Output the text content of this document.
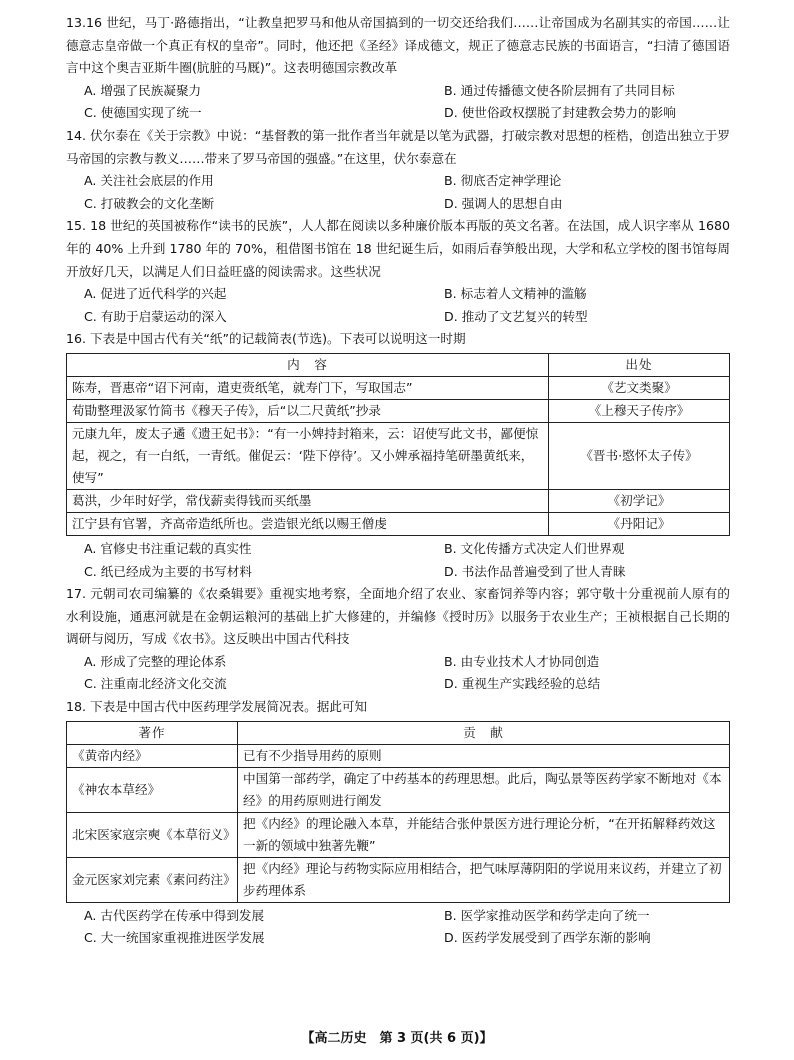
13.16 世纪，马丁·路德指出，“让教皇把罗马和他从帝国搞到的一切交还给我们……让帝国成为名副其实的帝国……让德意志皇帝做一个真正有权的皇帝”。同时，他还把《圣经》译成德文，规正了德意志民族的书面语言，“扫清了德国语言中这个奥吉亚斯牛圈(肮脏的马厩)”。这表明德国宗教改革

A. 增强了民族凝聚力	B. 通过传播德文使各阶层拥有了共同目标
C. 使德国实现了统一	D. 使世俗政权摆脱了封建教会势力的影响

14. 伏尔泰在《关于宗教》中说：“基督教的第一批作者当年就是以笔为武器，打破宗教对思想的桎梏，创造出独立于罗马帝国的宗教与教义……带来了罗马帝国的强盛。”在这里，伏尔泰意在

A. 关注社会底层的作用	B. 彻底否定神学理论
C. 打破教会的文化垄断	D. 强调人的思想自由

15. 18 世纪的英国被称作“读书的民族”，人人都在阅读以多种廉价版本再版的英文名著。在法国，成人识字率从 1680 年的 40% 上升到 1780 年的 70%，租借图书馆在 18 世纪诞生后，如雨后春笋般出现，大学和私立学校的图书馆每周开放好几天，以满足人们日益旺盛的阅读需求。这些状况

A. 促进了近代科学的兴起	B. 标志着人文精神的滥觞
C. 有助于启蒙运动的深入	D. 推动了文艺复兴的转型

16. 下表是中国古代有关“纸”的记载简表(节选)。下表可以说明这一时期

内　容	出处
陈寿，晋惠帝“诏下河南，遣吏赍纸笔，就寿门下，写取国志”	《艺文类聚》
荀勖整理汲冢竹简书《穆天子传》，后“以二尺黄纸”抄录	《上穆天子传序》
元康九年，废太子遹《遗王妃书》：“有一小婢持封箱来，云：诏使写此文书，鄙便惊起，视之，有一白纸，一青纸。催促云：‘陛下停待’。又小婢承福持笔研墨黄纸来，使写”	《晋书·愍怀太子传》
葛洪，少年时好学，常伐薪卖得钱而买纸墨	《初学记》
江宁县有官署，齐高帝造纸所也。尝造银光纸以赐王僧虔	《丹阳记》
A. 官修史书注重记载的真实性	B. 文化传播方式决定人们世界观
C. 纸已经成为主要的书写材料	D. 书法作品普遍受到了世人青睐

17. 元朝司农司编纂的《农桑辑要》重视实地考察，全面地介绍了农业、家畜饲养等内容；郭守敬十分重视前人原有的水利设施，通惠河就是在金朝运粮河的基础上扩大修建的，并编修《授时历》以服务于农业生产；王祯根据自己长期的调研与阅历，写成《农书》。这反映出中国古代科技

A. 形成了完整的理论体系	B. 由专业技术人才协同创造
C. 注重南北经济文化交流	D. 重视生产实践经验的总结

18. 下表是中国古代中医药理学发展简况表。据此可知

著作	贡　献
《黄帝内经》	已有不少指导用药的原则
《神农本草经》	中国第一部药学，确定了中药基本的药理思想。此后，陶弘景等医药学家不断地对《本经》的用药原则进行阐发
北宋医家寇宗奭《本草衍义》	把《内经》的理论融入本草，并能结合张仲景医方进行理论分析，“在开拓解释药效这一新的领域中独著先鞭”
金元医家刘完素《素问药注》	把《内经》理论与药物实际应用相结合，把气味厚薄阴阳的学说用来议药，并建立了初步药理体系
A. 古代医药学在传承中得到发展	B. 医学家推动医学和药学走向了统一
C. 大一统国家重视推进医学发展	D. 医药学发展受到了西学东渐的影响
【高二历史　第 3 页(共 6 页)】
